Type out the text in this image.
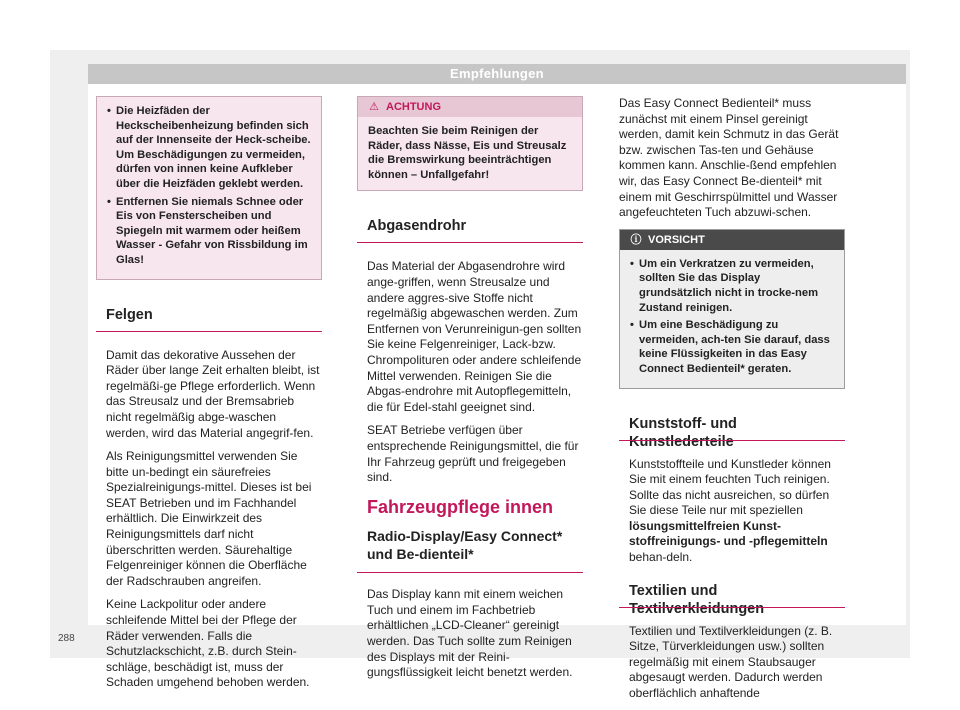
Empfehlungen
• Die Heizfäden der Heckscheibenheizung befinden sich auf der Innenseite der Heck-scheibe. Um Beschädigungen zu vermeiden, dürfen von innen keine Aufkleber über die Heizfäden geklebt werden.
• Entfernen Sie niemals Schnee oder Eis von Fensterscheiben und Spiegeln mit warmem oder heißem Wasser - Gefahr von Rissbildung im Glas!
Felgen

Damit das dekorative Aussehen der Räder über lange Zeit erhalten bleibt, ist regelmäßi-ge Pflege erforderlich. Wenn das Streusalz und der Bremsabrieb nicht regelmäßig abge-waschen werden, wird das Material angegrif-fen.

Als Reinigungsmittel verwenden Sie bitte un-bedingt ein säurefreies Spezialreinigungs-mittel. Dieses ist bei SEAT Betrieben und im Fachhandel erhältlich. Die Einwirkzeit des Reinigungsmittels darf nicht überschritten werden. Säurehaltige Felgenreiniger können die Oberfläche der Radschrauben angreifen.

Keine Lackpolitur oder andere schleifende Mittel bei der Pflege der Räder verwenden. Falls die Schutzlackschicht, z.B. durch Stein-schläge, beschädigt ist, muss der Schaden umgehend behoben werden.

⚠ ACHTUNG
Beachten Sie beim Reinigen der Räder, dass Nässe, Eis und Streusalz die Bremswirkung beeinträchtigen können – Unfallgefahr!
Abgasendrohr

Das Material der Abgasendrohre wird ange-griffen, wenn Streusalze und andere aggres-sive Stoffe nicht regelmäßig abgewaschen werden. Zum Entfernen von Verunreinigun-gen sollten Sie keine Felgenreiniger, Lack-bzw. Chrompolituren oder andere schleifende Mittel verwenden. Reinigen Sie die Abgas-endrohre mit Autopflegemitteln, die für Edel-stahl geeignet sind.

SEAT Betriebe verfügen über entsprechende Reinigungsmittel, die für Ihr Fahrzeug geprüft und freigegeben sind.

Fahrzeugpflege innen
Radio-Display/Easy Connect* und Be-dienteil*

Das Display kann mit einem weichen Tuch und einem im Fachbetrieb erhältlichen „LCD-Cleaner“ gereinigt werden. Das Tuch sollte zum Reinigen des Displays mit der Reini-gungsflüssigkeit leicht benetzt werden.

Das Easy Connect Bedienteil* muss zunächst mit einem Pinsel gereinigt werden, damit kein Schmutz in das Gerät bzw. zwischen Tas-ten und Gehäuse kommen kann. Anschlie-ßend empfehlen wir, das Easy Connect Be-dienteil* mit einem mit Geschirrspülmittel und Wasser angefeuchteten Tuch abzuwi-schen.

ⓘ VORSICHT
• Um ein Verkratzen zu vermeiden, sollten Sie das Display grundsätzlich nicht in trocke-nem Zustand reinigen.
• Um eine Beschädigung zu vermeiden, ach-ten Sie darauf, dass keine Flüssigkeiten in das Easy Connect Bedienteil* geraten.
Kunststoff- und Kunstlederteile

Kunststoffteile und Kunstleder können Sie mit einem feuchten Tuch reinigen. Sollte das nicht ausreichen, so dürfen Sie diese Teile nur mit speziellen lösungsmittelfreien Kunst-stoffreinigungs- und -pflegemitteln behan-deln.

Textilien und Textilverkleidungen

Textilien und Textilverkleidungen (z. B. Sitze, Türverkleidungen usw.) sollten regelmäßig mit einem Staubsauger abgesaugt werden. Dadurch werden oberflächlich anhaftende

288
